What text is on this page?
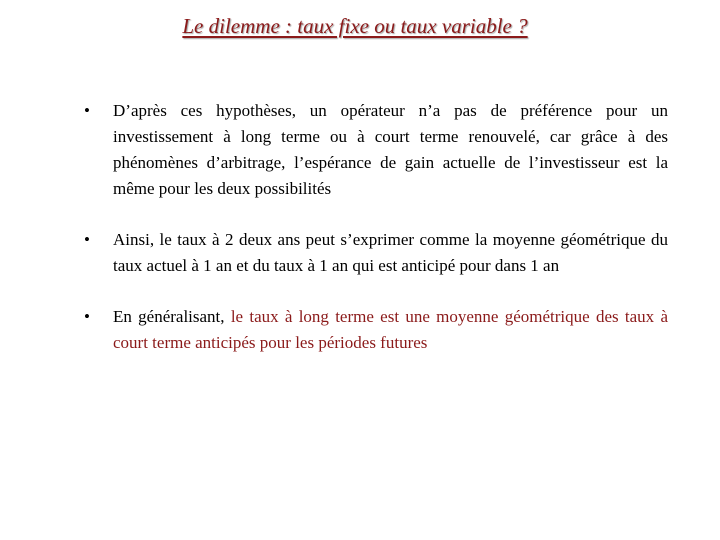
Le dilemme : taux fixe ou taux variable ?
• D’après ces hypothèses, un opérateur n’a pas de préférence pour un investissement à long terme ou à court terme renouvelé, car grâce à des phénomènes d’arbitrage, l’espérance de gain actuelle de l’investisseur est la même pour les deux possibilités
• Ainsi, le taux à 2 deux ans peut s’exprimer comme la moyenne géométrique du taux actuel à 1 an et du taux à 1 an qui est anticipé pour dans 1 an
• En généralisant, le taux à long terme est une moyenne géométrique des taux à court terme anticipés pour les périodes futures
